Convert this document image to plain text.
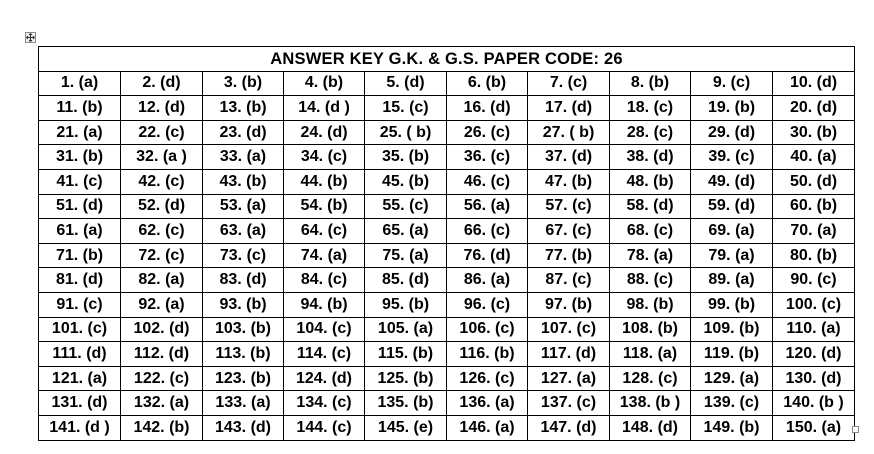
ANSWER KEY G.K. & G.S. PAPER CODE: 26									
1. (a)	2. (d)	3. (b)	4. (b)	5. (d)	6. (b)	7. (c)	8. (b)	9. (c)	10. (d)
11. (b)	12. (d)	13. (b)	14. (d )	15. (c)	16. (d)	17. (d)	18. (c)	19. (b)	20. (d)
21. (a)	22. (c)	23. (d)	24. (d)	25. ( b)	26. (c)	27. ( b)	28. (c)	29. (d)	30. (b)
31. (b)	32. (a )	33. (a)	34. (c)	35. (b)	36. (c)	37. (d)	38. (d)	39. (c)	40. (a)
41. (c)	42. (c)	43. (b)	44. (b)	45. (b)	46. (c)	47. (b)	48. (b)	49. (d)	50. (d)
51. (d)	52. (d)	53. (a)	54. (b)	55. (c)	56. (a)	57. (c)	58. (d)	59. (d)	60. (b)
61. (a)	62. (c)	63. (a)	64. (c)	65. (a)	66. (c)	67. (c)	68. (c)	69. (a)	70. (a)
71. (b)	72. (c)	73. (c)	74. (a)	75. (a)	76. (d)	77. (b)	78. (a)	79. (a)	80. (b)
81. (d)	82. (a)	83. (d)	84. (c)	85. (d)	86. (a)	87. (c)	88. (c)	89. (a)	90. (c)
91. (c)	92. (a)	93. (b)	94. (b)	95. (b)	96. (c)	97. (b)	98. (b)	99. (b)	100. (c)
101. (c)	102. (d)	103. (b)	104. (c)	105. (a)	106. (c)	107. (c)	108. (b)	109. (b)	110. (a)
111. (d)	112. (d)	113. (b)	114. (c)	115. (b)	116. (b)	117. (d)	118. (a)	119. (b)	120. (d)
121. (a)	122. (c)	123. (b)	124. (d)	125. (b)	126. (c)	127. (a)	128. (c)	129. (a)	130. (d)
131. (d)	132. (a)	133. (a)	134. (c)	135. (b)	136. (a)	137. (c)	138. (b )	139. (c)	140. (b )
141. (d )	142. (b)	143. (d)	144. (c)	145. (e)	146. (a)	147. (d)	148. (d)	149. (b)	150. (a)
